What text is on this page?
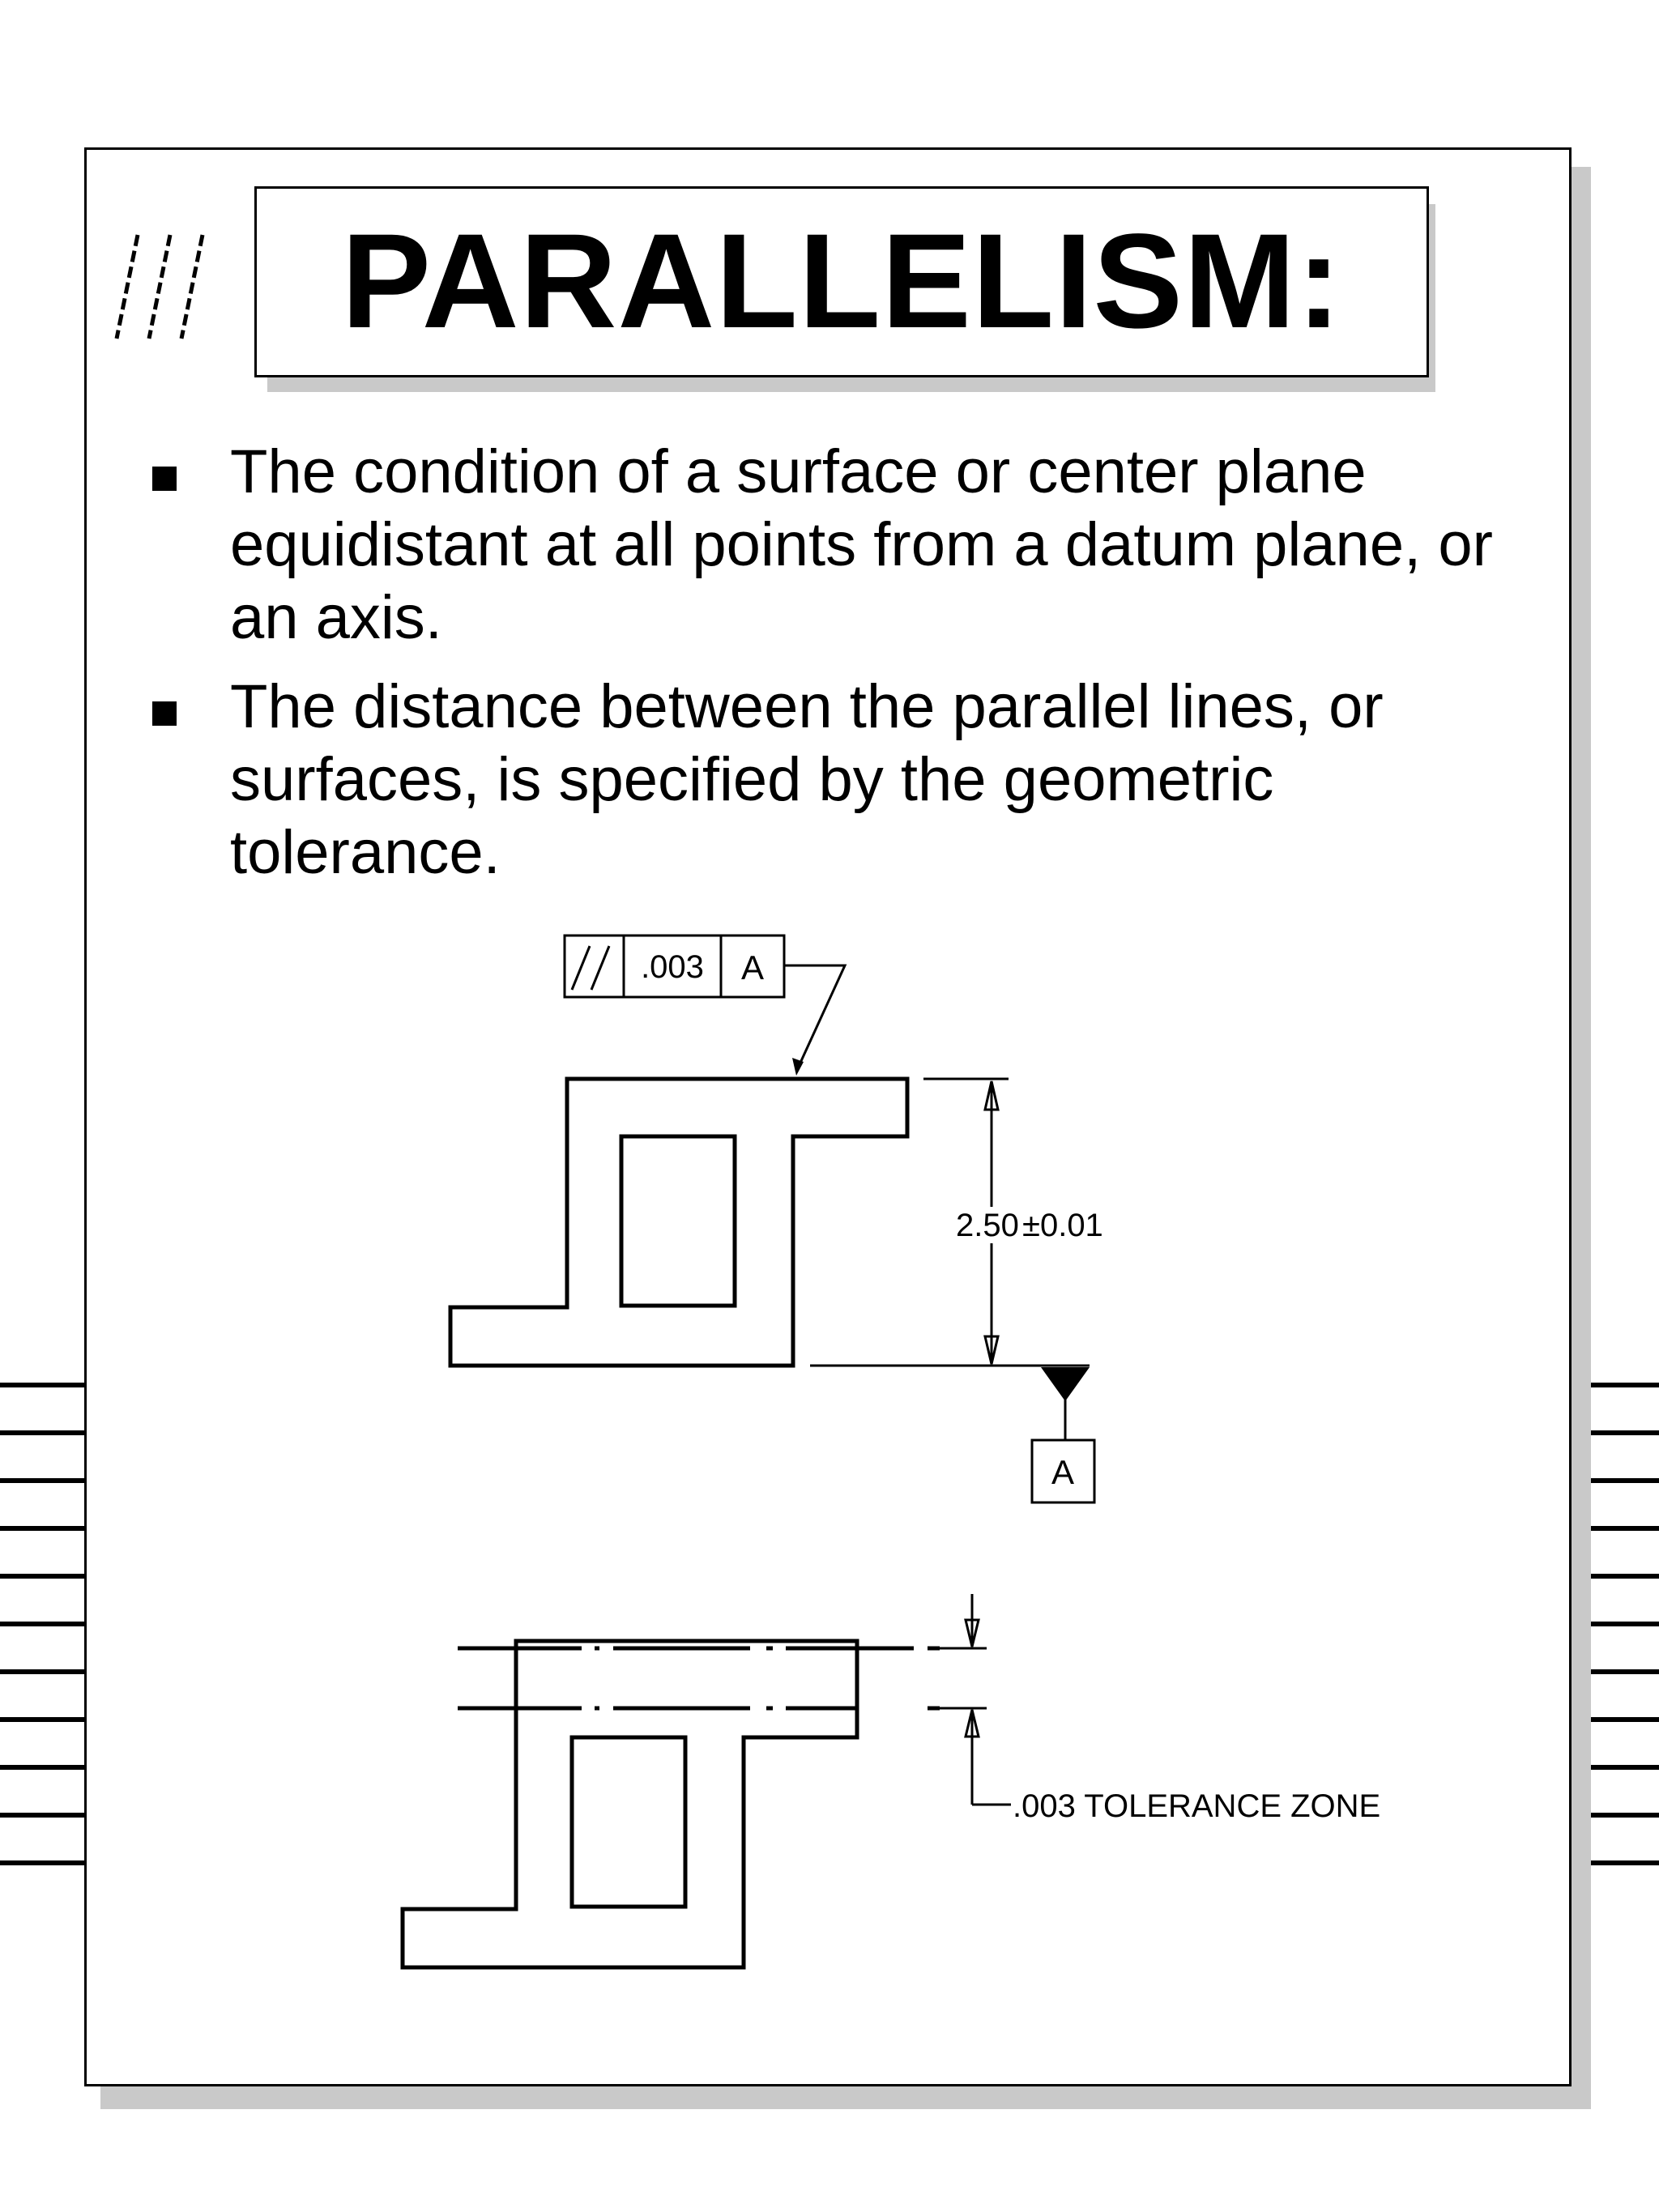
PARALLELISM:
The condition of a surface or center plane
equidistant at all points from a datum plane, or
an axis.
The distance between the parallel lines, or
surfaces, is specified by the geometric
tolerance.
.003 A
2.50 ±0.01
A
.003 TOLERANCE ZONE
